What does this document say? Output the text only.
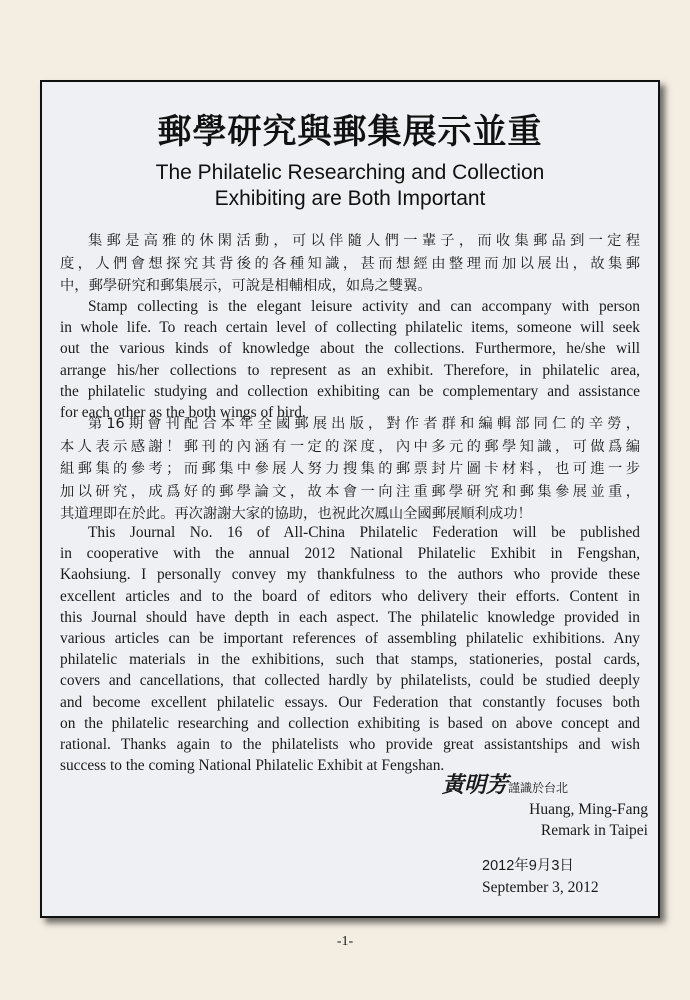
郵學研究與郵集展示並重
The Philatelic Researching and Collection
Exhibiting are Both Important
集郵是高雅的休閑活動，可以伴隨人們一輩子，而收集郵品到一定程
度，人們會想探究其背後的各種知識，甚而想經由整理而加以展出，故集郵
中，郵學研究和郵集展示，可說是相輔相成，如鳥之雙翼。
Stamp collecting is the elegant leisure activity and can accompany with person
in whole life. To reach certain level of collecting philatelic items, someone will seek
out the various kinds of knowledge about the collections. Furthermore, he/she will
arrange his/her collections to represent as an exhibit. Therefore, in philatelic area,
the philatelic studying and collection exhibiting can be complementary and assistance
for each other as the both wings of bird.
第16期會刊配合本年全國郵展出版，對作者群和編輯部同仁的辛勞，
本人表示感謝！郵刊的內涵有一定的深度，內中多元的郵學知識，可做爲編
組郵集的參考；而郵集中參展人努力搜集的郵票封片圖卡材料，也可進一步
加以研究，成爲好的郵學論文，故本會一向注重郵學研究和郵集參展並重，
其道理即在於此。再次謝謝大家的協助，也祝此次鳳山全國郵展順利成功！
This Journal No. 16 of All-China Philatelic Federation will be published
in cooperative with the annual 2012 National Philatelic Exhibit in Fengshan,
Kaohsiung. I personally convey my thankfulness to the authors who provide these
excellent articles and to the board of editors who delivery their efforts. Content in
this Journal should have depth in each aspect. The philatelic knowledge provided in
various articles can be important references of assembling philatelic exhibitions. Any
philatelic materials in the exhibitions, such that stamps, stationeries, postal cards,
covers and cancellations, that collected hardly by philatelists, could be studied deeply
and become excellent philatelic essays. Our Federation that constantly focuses both
on the philatelic researching and collection exhibiting is based on above concept and
rational. Thanks again to the philatelists who provide great assistantships and wish
success to the coming National Philatelic Exhibit at Fengshan.
黃明芳謹識於台北
Huang, Ming-Fang
Remark in Taipei
2012年9月3日
September 3, 2012
-1-
